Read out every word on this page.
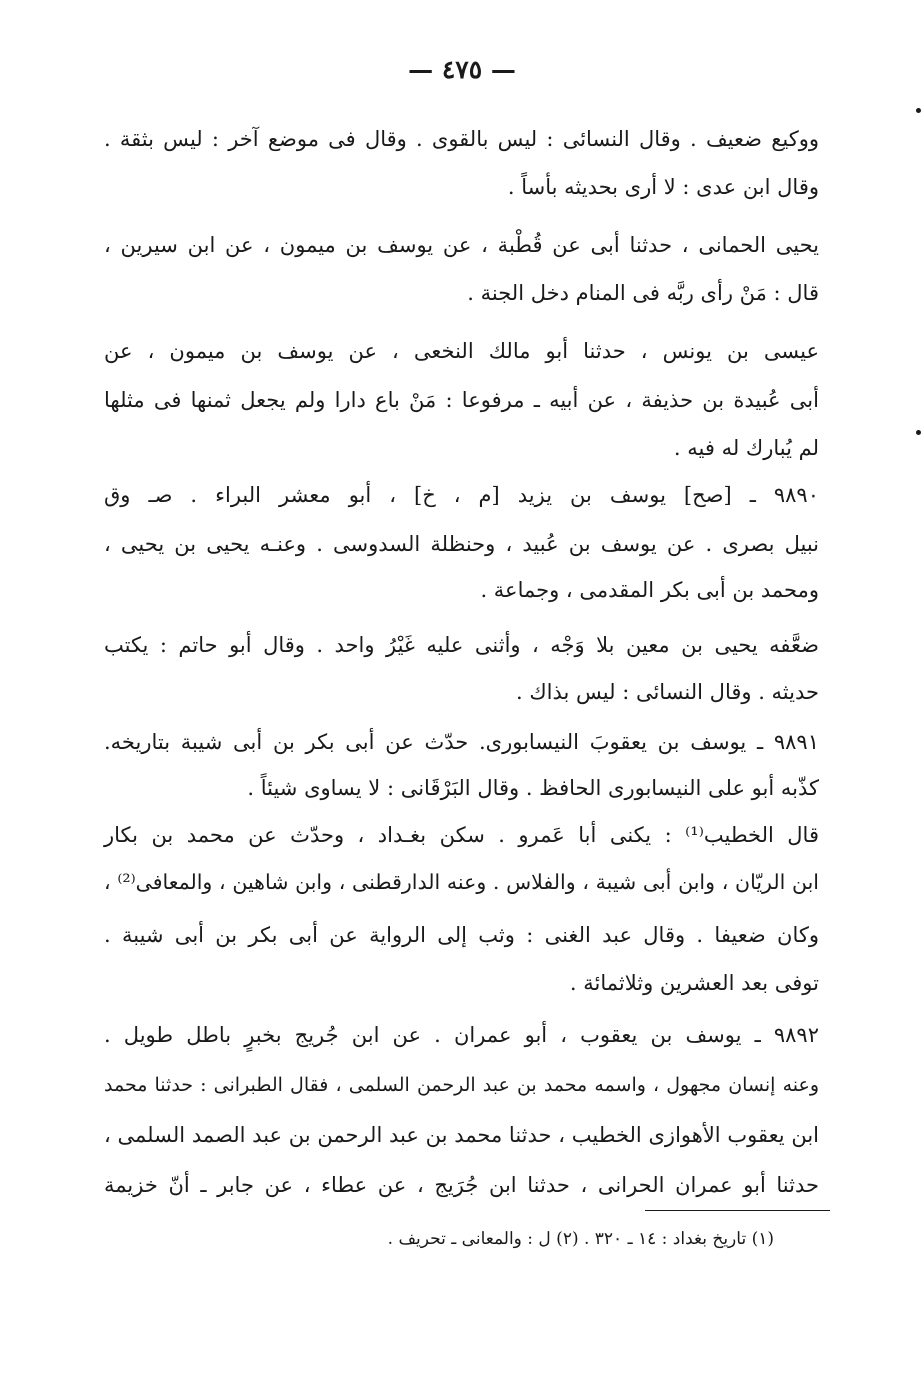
— ٤٧٥ —
ووكيع ضعيف . وقال النسائى : ليس بالقوى . وقال فى موضع آخر : ليس بثقة .
وقال ابن عدى : لا أرى بحديثه بأساً .
يحيى الحمانى ، حدثنا أبى عن قُطْبة ، عن يوسف بن ميمون ، عن ابن سيرين ،
قال : مَنْ رأى ربَّه فى المنام دخل الجنة .
عيسى بن يونس ، حدثنا أبو مالك النخعى ، عن يوسف بن ميمون ، عن
أبى عُبيدة بن حذيفة ، عن أبيه ـ مرفوعا : مَنْ باع دارا ولم يجعل ثمنها فى مثلها
لم يُبارك له فيه .
٩٨٩٠ ـ [صح] يوسف بن يزيد [م ، خ] ، أبو معشر البراء . صـ وق
نبيل بصرى . عن يوسف بن عُبيد ، وحنظلة السدوسى . وعنـه يحيى بن يحيى ،
ومحمد بن أبى بكر المقدمى ، وجماعة .
ضعَّفه يحيى بن معين بلا وَجْه ، وأثنى عليه غَيْرُ واحد . وقال أبو حاتم : يكتب
حديثه . وقال النسائى : ليس بذاك .
٩٨٩١ ـ يوسف بن يعقوبَ النيسابورى. حدّث عن أبى بكر بن أبى شيبة بتاريخه.
كذّبه أبو على النيسابورى الحافظ . وقال البَرْقَانى : لا يساوى شيئاً .
قال الخطيب⁽¹⁾ : يكنى أبا عَمرو . سكن بغـداد ، وحدّث عن محمد بن بكار
ابن الريّان ، وابن أبى شيبة ، والفلاس . وعنه الدارقطنى ، وابن شاهين ، والمعافى⁽²⁾ ،
وكان ضعيفا . وقال عبد الغنى : وثب إلى الرواية عن أبى بكر بن أبى شيبة .
توفى بعد العشرين وثلاثمائة .
٩٨٩٢ ـ يوسف بن يعقوب ، أبو عمران . عن ابن جُريج بخبرٍ باطل طويل .
وعنه إنسان مجهول ، واسمه محمد بن عبد الرحمن السلمى ، فقال الطبرانى : حدثنا محمد
ابن يعقوب الأهوازى الخطيب ، حدثنا محمد بن عبد الرحمن بن عبد الصمد السلمى ،
حدثنا أبو عمران الحرانى ، حدثنا ابن جُرَيج ، عن عطاء ، عن جابر ـ أنّ خزيمة
(١) تاريخ بغداد : ١٤ ـ ٣٢٠ . (٢) ل : والمعانى ـ تحريف .
